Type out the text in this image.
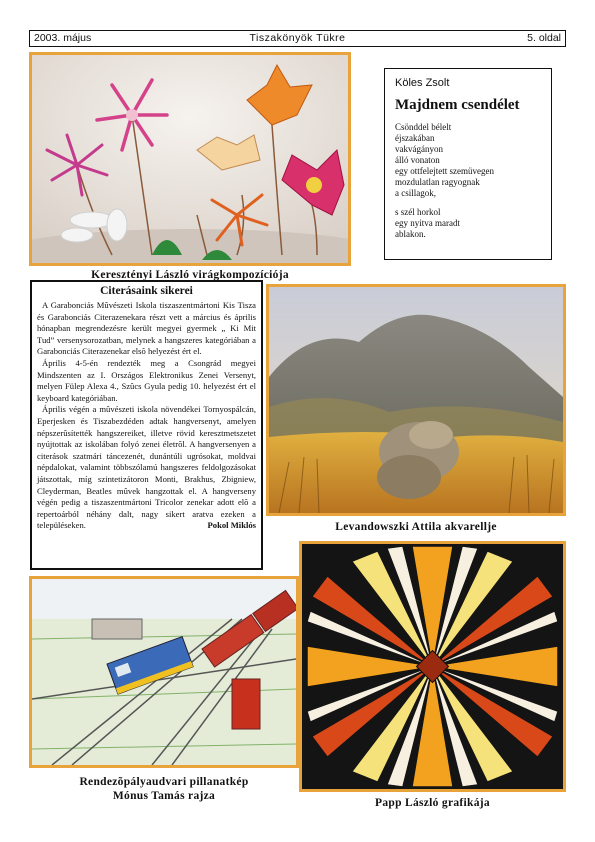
2003. május	Tiszakönyök Tükre	5. oldal
Keresztényi László virágkompozíciója
Köles Zsolt
Majdnem csendélet
Csönddel bélelt
éjszakában
vakvágányon
álló vonaton
egy ottfelejtett szemüvegen
mozdulatlan ragyognak
a csillagok,
s szél horkol
egy nyitva maradt
ablakon.
Citerásaink sikerei

A Garabonciás Mûvészeti Iskola tiszaszentmártoni Kis Tisza és Garabonciás Citerazenekara részt vett a március és április hónapban megrendezésre került megyei gyermek „ Ki Mit Tud” versenysorozatban, melynek a hangszeres kategóriában a Garabonciás Citerazenekar elsõ helyezést ért el.

Április 4-5-én rendezték meg a Csongrád megyei Mindszenten az I. Országos Elektronikus Zenei Versenyt, melyen Fülep Alexa 4., Szûcs Gyula pedig 10. helyezést ért el keyboard kategóriában.

Április végén a mûvészeti iskola növendékei Tornyospálcán, Eperjesken és Tiszabezdéden adtak hangversenyt, amelyen népszerûsítették hangszereiket, illetve rövid keresztmetszetet nyújtottak az iskolában folyó zenei életrõl. A hangversenyen a citerások szatmári táncezenét, dunántúli ugrósokat, moldvai népdalokat, valamint többszólamú hangszeres feldolgozásokat játszottak, míg szintetizátoron Monti, Brakhus, Zbigniew, Cleyderman, Beatles mûvek hangzottak el. A hangverseny végén pedig a tiszaszentmártoni Tricolor zenekar adott elõ a repertoárból néhány dalt, nagy sikert aratva ezeken a településeken.	Pokol Miklós	Levandowszki Attila akvarellje
Rendezõpályaudvari pillanatkép
Mónus Tamás rajza
Papp László grafikája
